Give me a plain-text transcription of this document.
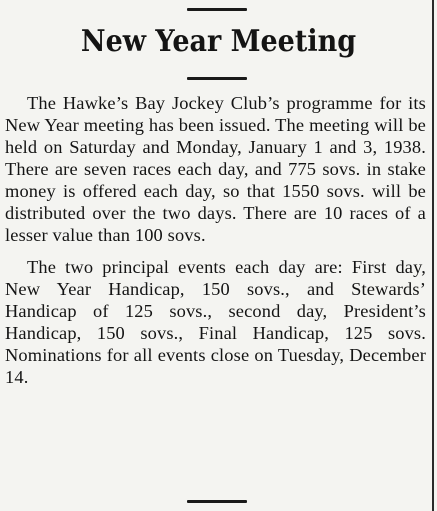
New Year Meeting

The Hawke’s Bay Jockey Club’s programme for its New Year meeting has been issued. The meeting will be held on Saturday and Monday, January 1 and 3, 1938. There are seven races each day, and 775 sovs. in stake money is offered each day, so that 1550 sovs. will be distributed over the two days. There are 10 races of a lesser value than 100 sovs.

The two principal events each day are: First day, New Year Handicap, 150 sovs., and Stewards’ Handicap of 125 sovs., second day, President’s Handicap, 150 sovs., Final Handicap, 125 sovs. Nominations for all events close on Tuesday, December 14.
